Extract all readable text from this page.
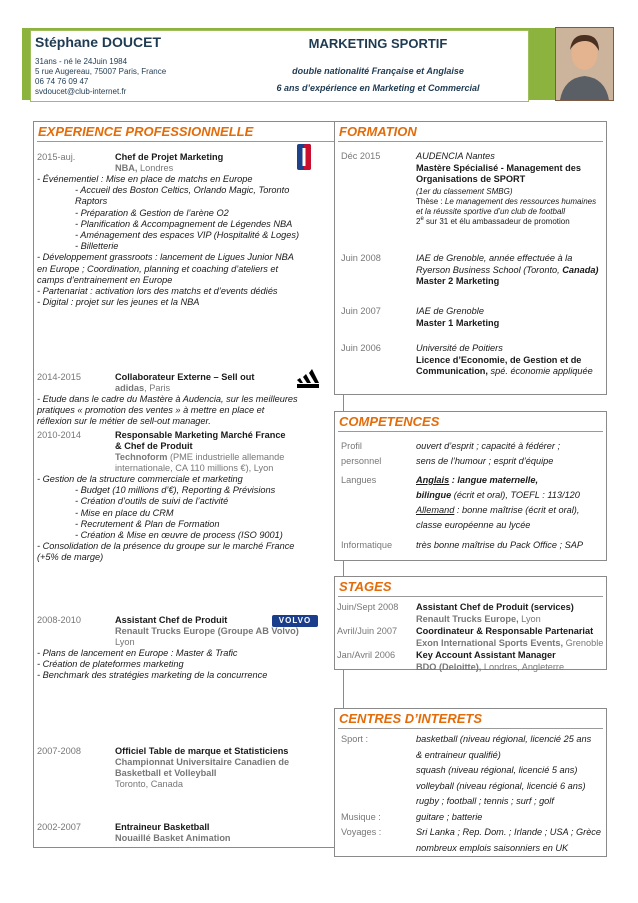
Stéphane DOUCET
31ans - né le 24Juin 1984
5 rue Augereau, 75007 Paris, France
06 74 76 09 47
svdoucet@club-internet.fr
MARKETING SPORTIF
double nationalité Française et Anglaise
6 ans d’expérience en Marketing et Commercial
EXPERIENCE PROFESSIONNELLE
VOLVO
2015-auj.	Chef de Projet Marketing
NBA, Londres
- Événementiel : Mise en place de matchs en Europe
- Accueil des Boston Celtics, Orlando Magic, Toronto
Raptors
- Préparation & Gestion de l’arène O2
- Planification & Accompagnement de Légendes NBA
- Aménagement des espaces VIP (Hospitalité & Loges)
- Billetterie
- Développement grassroots : lancement de Ligues Junior NBA
en Europe ; Coordination, planning et coaching d’ateliers et
camps d’entrainement en Europe
- Partenariat : activation lors des matchs et d’events dédiés
- Digital : projet sur les jeunes et la NBA
2014-2015	Collaborateur Externe – Sell out
adidas, Paris
- Etude dans le cadre du Mastère à Audencia, sur les meilleures
pratiques « promotion des ventes » à mettre en place et
réflexion sur le métier de sell-out manager.
2010-2014	Responsable Marketing Marché France
& Chef de Produit
Technoform (PME industrielle allemande
internationale, CA 110 millions €), Lyon
- Gestion de la structure commerciale et marketing
- Budget (10 millions d’€), Reporting & Prévisions
- Création d’outils de suivi de l’activité
- Mise en place du CRM
- Recrutement & Plan de Formation
- Création & Mise en œuvre de process (ISO 9001)
- Consolidation de la présence du groupe sur le marché France
(+5% de marge)
2008-2010	Assistant Chef de Produit
Renault Trucks Europe (Groupe AB Volvo)
Lyon
- Plans de lancement en Europe : Master & Trafic
- Création de plateformes marketing
- Benchmark des stratégies marketing de la concurrence
2007-2008	Officiel Table de marque et Statisticiens
Championnat Universitaire Canadien de
Basketball et Volleyball
Toronto, Canada
2002-2007	Entraineur Basketball
Nouaillé Basket Animation
FORMATION
Déc 2015	AUDENCIA Nantes
Mastère Spécialisé - Management des
Organisations de SPORT
(1er du classement SMBG)
Thèse : Le management des ressources humaines
et la réussite sportive d’un club de football
2e sur 31 et élu ambassadeur de promotion
Juin 2008	IAE de Grenoble, année effectuée à la
Ryerson Business School (Toronto, Canada)
Master 2 Marketing
Juin 2007	IAE de Grenoble
Master 1 Marketing
Juin 2006	Université de Poitiers
Licence d’Economie, de Gestion et de
Communication, spé. économie appliquée
COMPETENCES
Profil
personnel
ouvert d’esprit ; capacité à fédérer ;
sens de l’humour ; esprit d’équipe
Langues	Anglais : langue maternelle,
bilingue (écrit et oral), TOEFL : 113/120
Allemand : bonne maîtrise (écrit et oral),
classe européenne au lycée
Informatique	très bonne maîtrise du Pack Office ; SAP
STAGES
Juin/Sept 2008 Assistant Chef de Produit (services)
Renault Trucks Europe, Lyon
Avril/Juin 2007 Coordinateur & Responsable Partenariat
Exon International Sports Events, Grenoble
Jan/Avril 2006 Key Account Assistant Manager
BDO (Deloitte), Londres, Angleterre
CENTRES D’INTERETS
Sport :	basketball (niveau régional, licencié 25 ans
& entraineur qualifié)
squash (niveau régional, licencié 5 ans)
volleyball (niveau régional, licencié 6 ans)
rugby ; football ; tennis ; surf ; golf
Musique :	guitare ; batterie
Voyages :	Sri Lanka ; Rep. Dom. ; Irlande ; USA ; Grèce
nombreux emplois saisonniers en UK
